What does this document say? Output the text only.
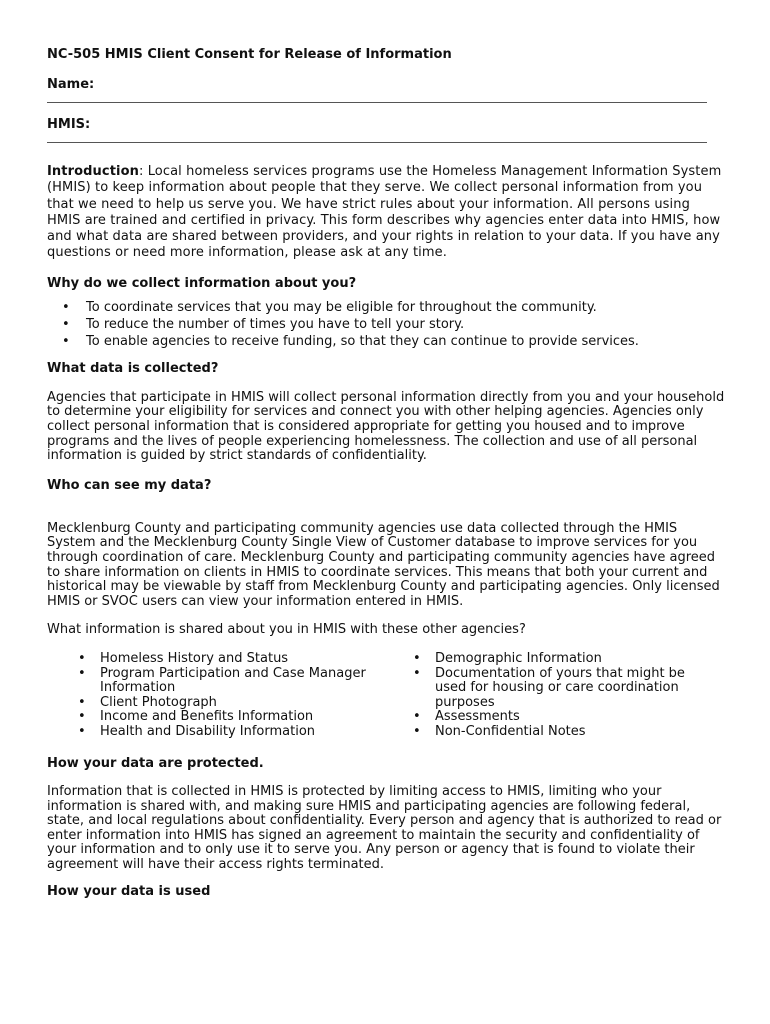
NC-505 HMIS Client Consent for Release of Information
Name:
HMIS:
Introduction: Local homeless services programs use the Homeless Management Information System (HMIS) to keep information about people that they serve. We collect personal information from you that we need to help us serve you. We have strict rules about your information. All persons using HMIS are trained and certified in privacy. This form describes why agencies enter data into HMIS, how and what data are shared between providers, and your rights in relation to your data. If you have any questions or need more information, please ask at any time.
Why do we collect information about you?
• To coordinate services that you may be eligible for throughout the community.
• To reduce the number of times you have to tell your story.
• To enable agencies to receive funding, so that they can continue to provide services.
What data is collected?

Agencies that participate in HMIS will collect personal information directly from you and your household to determine your eligibility for services and connect you with other helping agencies. Agencies only collect personal information that is considered appropriate for getting you housed and to improve programs and the lives of people experiencing homelessness. The collection and use of all personal information is guided by strict standards of confidentiality.

Who can see my data?

Mecklenburg County and participating community agencies use data collected through the HMIS System and the Mecklenburg County Single View of Customer database to improve services for you through coordination of care. Mecklenburg County and participating community agencies have agreed to share information on clients in HMIS to coordinate services. This means that both your current and historical may be viewable by staff from Mecklenburg County and participating agencies. Only licensed HMIS or SVOC users can view your information entered in HMIS.

What information is shared about you in HMIS with these other agencies?

• Homeless History and Status
• Program Participation and Case Manager Information
• Client Photograph
• Income and Benefits Information
• Health and Disability Information
• Demographic Information
• Documentation of yours that might be used for housing or care coordination purposes
• Assessments
• Non-Confidential Notes
How your data are protected.

Information that is collected in HMIS is protected by limiting access to HMIS, limiting who your information is shared with, and making sure HMIS and participating agencies are following federal, state, and local regulations about confidentiality. Every person and agency that is authorized to read or enter information into HMIS has signed an agreement to maintain the security and confidentiality of your information and to only use it to serve you. Any person or agency that is found to violate their agreement will have their access rights terminated.

How your data is used
